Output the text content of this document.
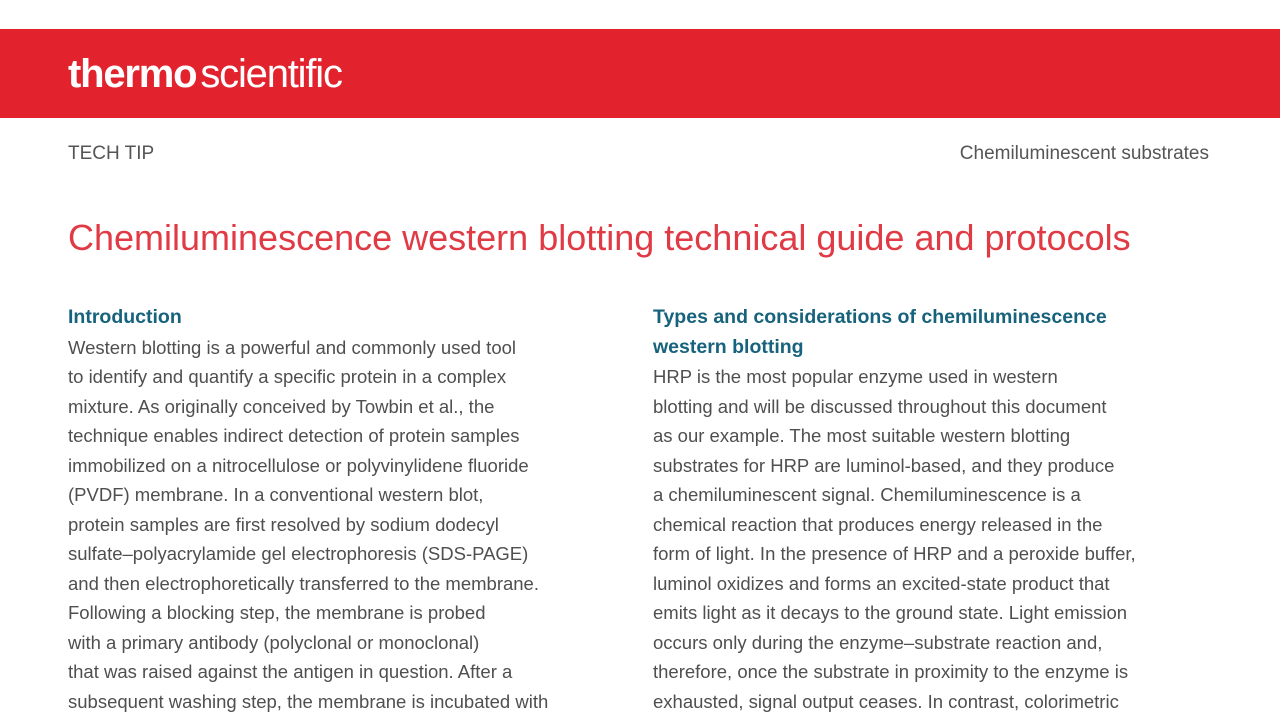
thermo scientific
TECH TIP	Chemiluminescent substrates
Chemiluminescence western blotting technical guide and protocols
Introduction
Western blotting is a powerful and commonly used tool
to identify and quantify a specific protein in a complex
mixture. As originally conceived by Towbin et al., the
technique enables indirect detection of protein samples
immobilized on a nitrocellulose or polyvinylidene fluoride
(PVDF) membrane. In a conventional western blot,
protein samples are first resolved by sodium dodecyl
sulfate–polyacrylamide gel electrophoresis (SDS-PAGE)
and then electrophoretically transferred to the membrane.
Following a blocking step, the membrane is probed
with a primary antibody (polyclonal or monoclonal)
that was raised against the antigen in question. After a
subsequent washing step, the membrane is incubated with
Types and considerations of chemiluminescence
western blotting
HRP is the most popular enzyme used in western
blotting and will be discussed throughout this document
as our example. The most suitable western blotting
substrates for HRP are luminol-based, and they produce
a chemiluminescent signal. Chemiluminescence is a
chemical reaction that produces energy released in the
form of light. In the presence of HRP and a peroxide buffer,
luminol oxidizes and forms an excited-state product that
emits light as it decays to the ground state. Light emission
occurs only during the enzyme–substrate reaction and,
therefore, once the substrate in proximity to the enzyme is
exhausted, signal output ceases. In contrast, colorimetric
